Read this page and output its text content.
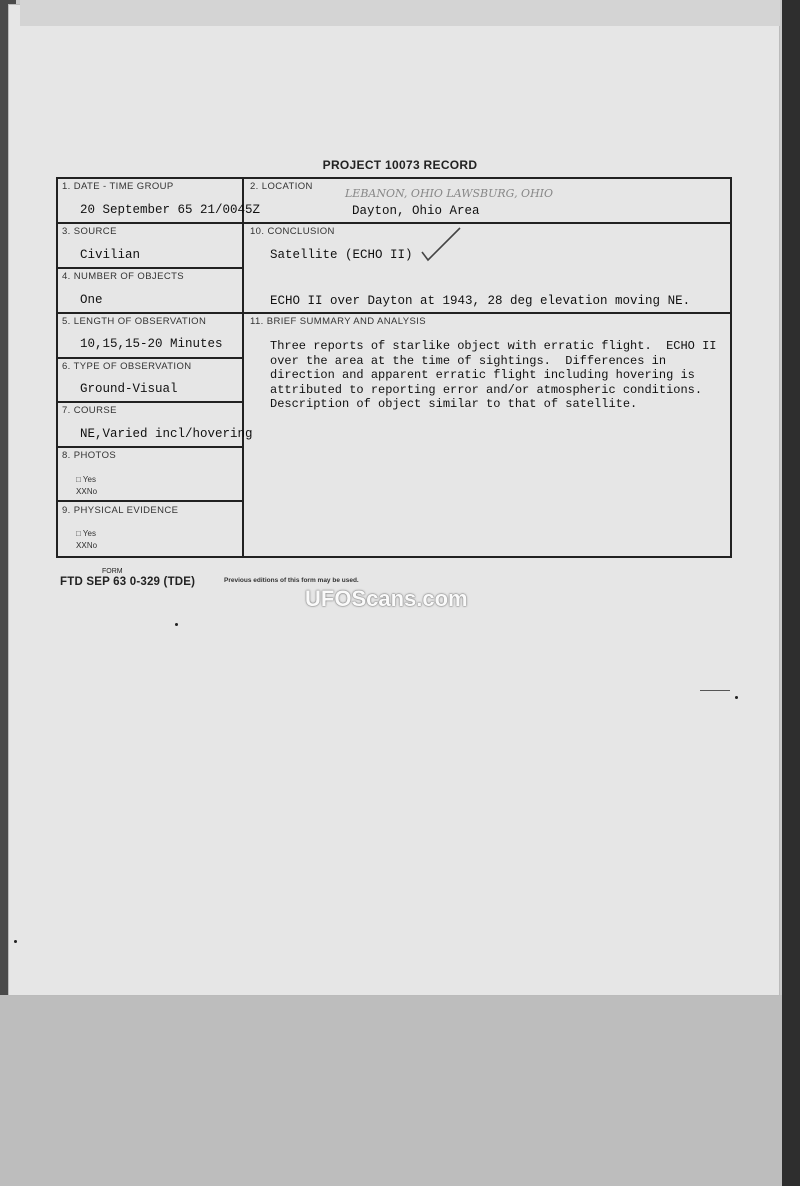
PROJECT 10073 RECORD
1. DATE - TIME GROUP
20 September 65 21/0045Z
2. LOCATION
LEBANON, OHIO LAWSBURG, OHIO
Dayton, Ohio Area
3. SOURCE
Civilian
10. CONCLUSION
Satellite (ECHO II)
ECHO II over Dayton at 1943, 28 deg elevation moving NE.
4. NUMBER OF OBJECTS
One
5. LENGTH OF OBSERVATION
10,15,15-20 Minutes
11. BRIEF SUMMARY AND ANALYSIS
Three reports of starlike object with erratic flight.  ECHO II
over the area at the time of sightings.  Differences in
direction and apparent erratic flight including hovering is
attributed to reporting error and/or atmospheric conditions.
Description of object similar to that of satellite.
6. TYPE OF OBSERVATION
Ground-Visual
7. COURSE
NE,Varied incl/hovering
8. PHOTOS
□ Yes
XXNo
9. PHYSICAL EVIDENCE
□ Yes
XXNo
FORM
FTD SEP 63 0-329 (TDE)	Previous editions of this form may be used.
UFOScans.com
